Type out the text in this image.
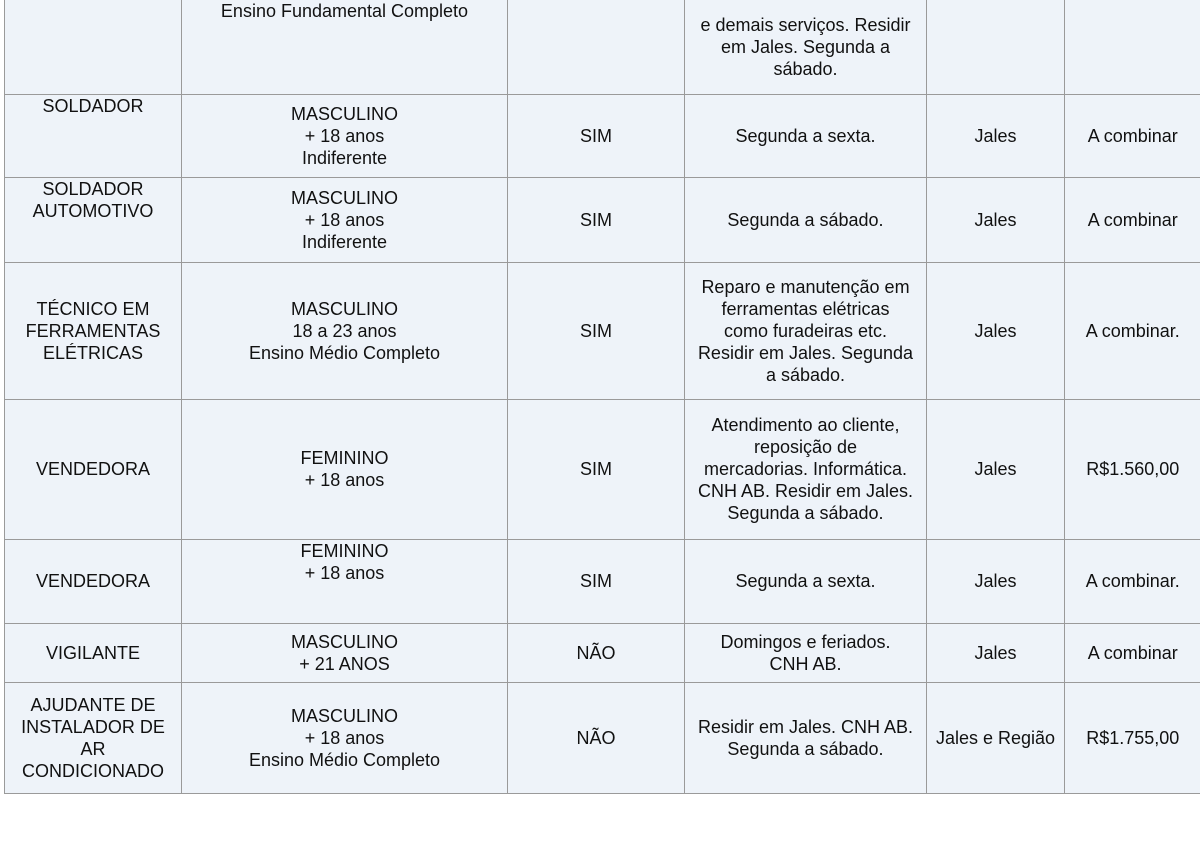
	Ensino Fundamental Completo		e demais serviços. Residir
em Jales. Segunda a
sábado.		
SOLDADOR	MASCULINO
+ 18 anos
Indiferente	SIM	Segunda a sexta.	Jales	A combinar
SOLDADOR
AUTOMOTIVO	MASCULINO
+ 18 anos
Indiferente	SIM	Segunda a sábado.	Jales	A combinar
TÉCNICO EM
FERRAMENTAS
ELÉTRICAS	MASCULINO
18 a 23 anos
Ensino Médio Completo	SIM	Reparo e manutenção em
ferramentas elétricas
como furadeiras etc.
Residir em Jales. Segunda
a sábado.	Jales	A combinar.
VENDEDORA	FEMININO
+ 18 anos	SIM	Atendimento ao cliente,
reposição de
mercadorias. Informática.
CNH AB. Residir em Jales.
Segunda a sábado.	Jales	R$1.560,00
VENDEDORA	FEMININO
+ 18 anos	SIM	Segunda a sexta.	Jales	A combinar.
VIGILANTE	MASCULINO
+ 21 ANOS	NÃO	Domingos e feriados.
CNH AB.	Jales	A combinar
AJUDANTE DE
INSTALADOR DE
AR
CONDICIONADO	MASCULINO
+ 18 anos
Ensino Médio Completo	NÃO	Residir em Jales. CNH AB.
Segunda a sábado.	Jales e Região	R$1.755,00
